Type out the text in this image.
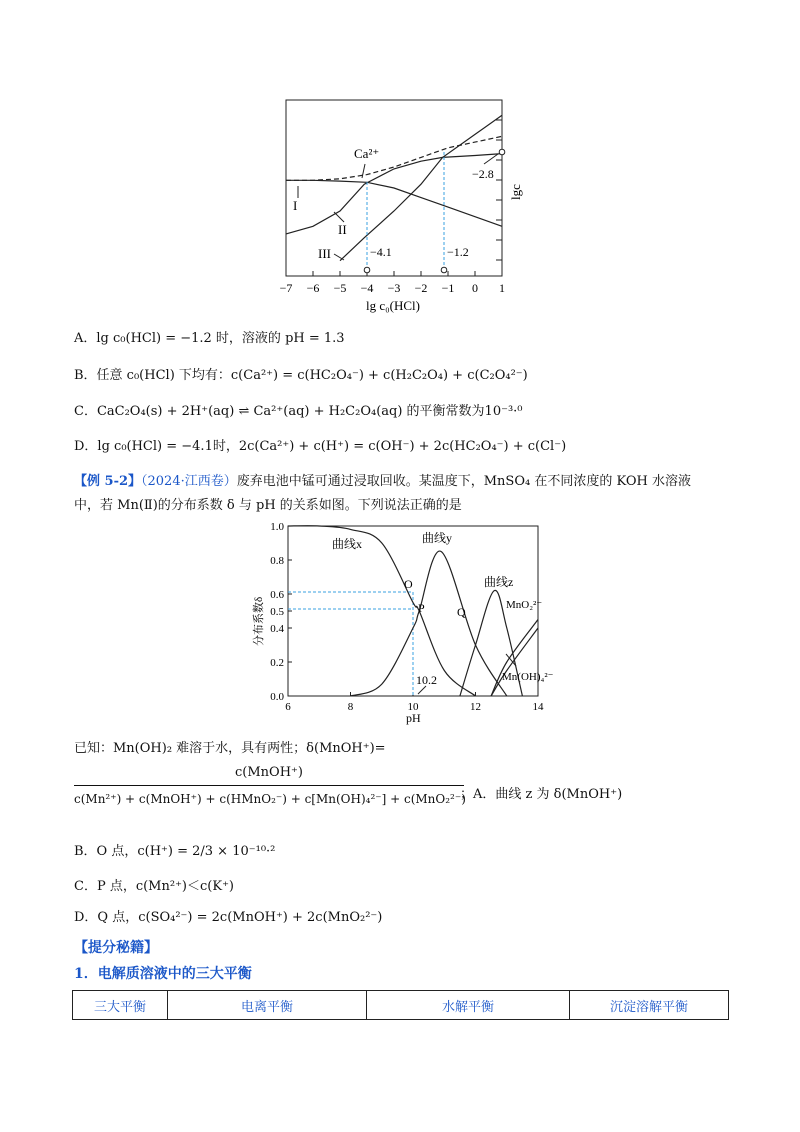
−7 −6 −5 −4 −3 −2 −1 0 1
Ca²⁺
I
II
III
−2.8
−4.1	−1.2
lgc
lg c₀(HCl)
A．lg c₀(HCl) = −1.2 时，溶液的 pH = 1.3
B．任意 c₀(HCl) 下均有：c(Ca²⁺) = c(HC₂O₄⁻) + c(H₂C₂O₄) + c(C₂O₄²⁻)
C．CaC₂O₄(s) + 2H⁺(aq) ⇌ Ca²⁺(aq) + H₂C₂O₄(aq) 的平衡常数为10⁻³·⁰
D．lg c₀(HCl) = −4.1时，2c(Ca²⁺) + c(H⁺) = c(OH⁻) + 2c(HC₂O₄⁻) + c(Cl⁻)
【例 5-2】（2024·江西卷）废弃电池中锰可通过浸取回收。某温度下，MnSO₄ 在不同浓度的 KOH 水溶液
中，若 Mn(Ⅱ)的分布系数 δ 与 pH 的关系如图。下列说法正确的是
0.0
0.2
0.4
0.5
0.6
0.8
1.0
6	8	10	12	14
曲线x	曲线y
曲线z
MnO₂²⁻
Mn(OH)₄²⁻
O
P	Q
10.2
分布系数δ
pH
已知：Mn(OH)₂ 难溶于水，具有两性；δ(MnOH⁺)=
c(MnOH⁺)
c(Mn²⁺) + c(MnOH⁺) + c(HMnO₂⁻) + c[Mn(OH)₄²⁻] + c(MnO₂²⁻)
；A．曲线 z 为 δ(MnOH⁺)
B．O 点，c(H⁺) = 2/3 × 10⁻¹⁰·²
C．P 点，c(Mn²⁺)＜c(K⁺)
D．Q 点，c(SO₄²⁻) = 2c(MnOH⁺) + 2c(MnO₂²⁻)
【提分秘籍】
1．电解质溶液中的三大平衡
三大平衡	电离平衡	水解平衡	沉淀溶解平衡
